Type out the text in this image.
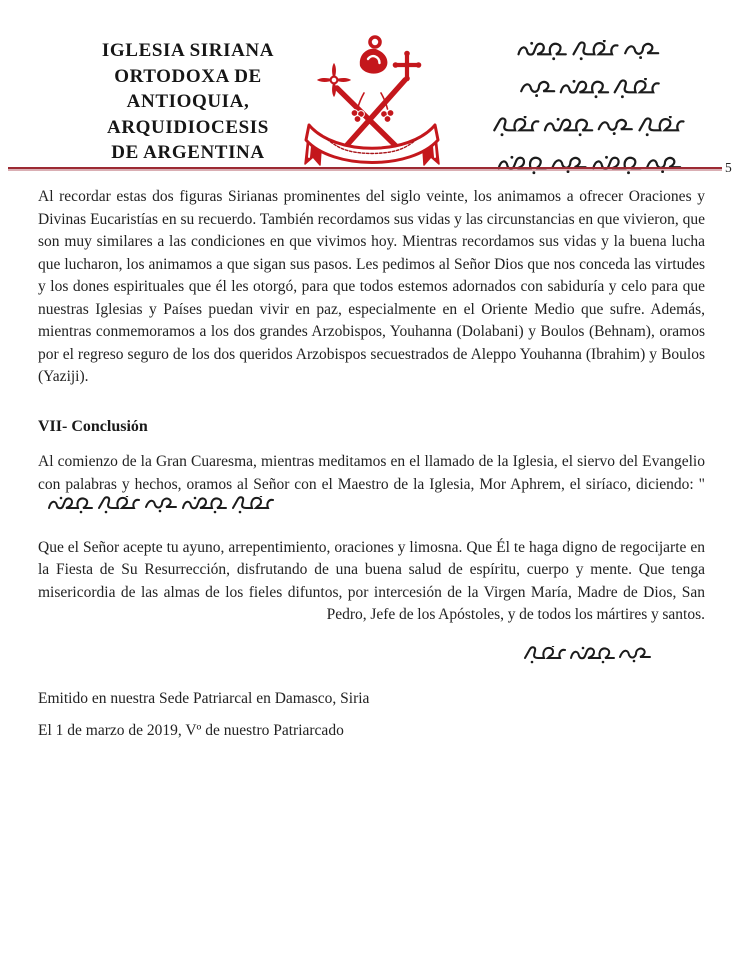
IGLESIA SIRIANA
ORTODOXA DE
ANTIOQUIA,
ARQUIDIOCESIS
DE ARGENTINA
5

Al recordar estas dos figuras Sirianas prominentes del siglo veinte, los animamos a ofrecer Oraciones y Divinas Eucaristías en su recuerdo. También recordamos sus vidas y las circunstancias en que vivieron, que son muy similares a las condiciones en que vivimos hoy. Mientras recordamos sus vidas y la buena lucha que lucharon, los animamos a que sigan sus pasos. Les pedimos al Señor Dios que nos conceda las virtudes y los dones espirituales que él les otorgó, para que todos estemos adornados con sabiduría y celo para que nuestras Iglesias y Países puedan vivir en paz, especialmente en el Oriente Medio que sufre. Además, mientras conmemoramos a los dos grandes Arzobispos, Youhanna (Dolabani) y Boulos (Behnam), oramos por el regreso seguro de los dos queridos Arzobispos secuestrados de Aleppo Youhanna (Ibrahim) y Boulos (Yaziji).

VII- Conclusión

Al comienzo de la Gran Cuaresma, mientras meditamos en el llamado de la Iglesia, el siervo del Evangelio con palabras y hechos, oramos al Señor con el Maestro de la Iglesia, Mor Aphrem, el siríaco, diciendo: "

Que el Señor acepte tu ayuno, arrepentimiento, oraciones y limosna. Que Él te haga digno de regocijarte en la Fiesta de Su Resurrección, disfrutando de una buena salud de espíritu, cuerpo y mente. Que tenga misericordia de las almas de los fieles difuntos, por intercesión de la Virgen María, Madre de Dios, San Pedro, Jefe de los Apóstoles, y de todos los mártires y santos.

Emitido en nuestra Sede Patriarcal en Damasco, Siria

El 1 de marzo de 2019, Vº de nuestro Patriarcado
